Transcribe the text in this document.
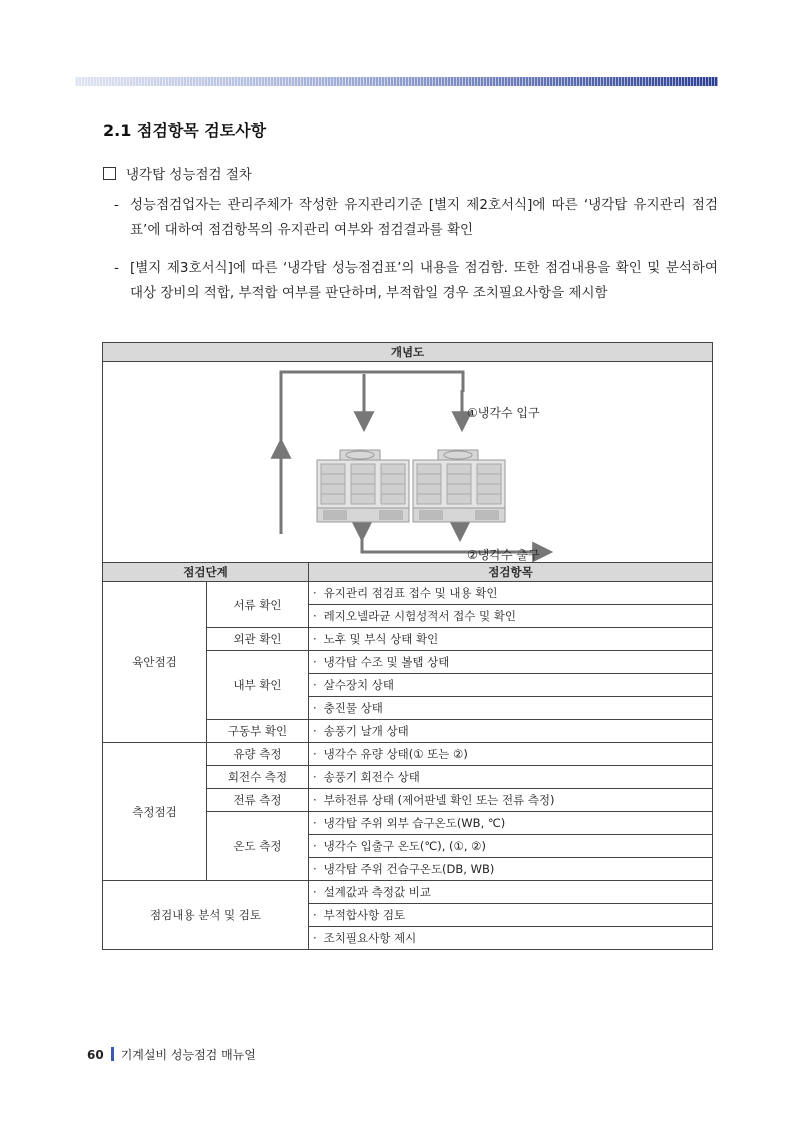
2.1 점검항목 검토사항
냉각탑 성능점검 절차
- 성능점검업자는 관리주체가 작성한 유지관리기준 [별지 제2호서식]에 따른 ‘냉각탑 유지관리 점검표’에 대하여 점검항목의 유지관리 여부와 점검결과를 확인
- [별지 제3호서식]에 따른 ‘냉각탑 성능점검표’의 내용을 점검함. 또한 점검내용을 확인 및 분석하여 대상 장비의 적합, 부적합 여부를 판단하며, 부적합일 경우 조치필요사항을 제시함
개념도		

①냉각수 입구
②냉각수 출구		

점검단계		점검항목
육안점검	서류 확인	· 유지관리 점검표 접수 및 내용 확인
		· 레지오넬라균 시험성적서 접수 및 확인
	외관 확인	· 노후 및 부식 상태 확인
	내부 확인	· 냉각탑 수조 및 볼탭 상태
		· 살수장치 상태
		· 충진물 상태
	구동부 확인	· 송풍기 날개 상태
측정점검	유량 측정	· 냉각수 유량 상태(① 또는 ②)
	회전수 측정	· 송풍기 회전수 상태
	전류 측정	· 부하전류 상태 (제어판넬 확인 또는 전류 측정)
	온도 측정	· 냉각탑 주위 외부 습구온도(WB, ℃)
		· 냉각수 입출구 온도(℃), (①, ②)
		· 냉각탑 주위 건습구온도(DB, WB)
점검내용 분석 및 검토		· 설계값과 측정값 비교
		· 부적합사항 검토
		· 조치필요사항 제시
60 기계설비 성능점검 매뉴얼
